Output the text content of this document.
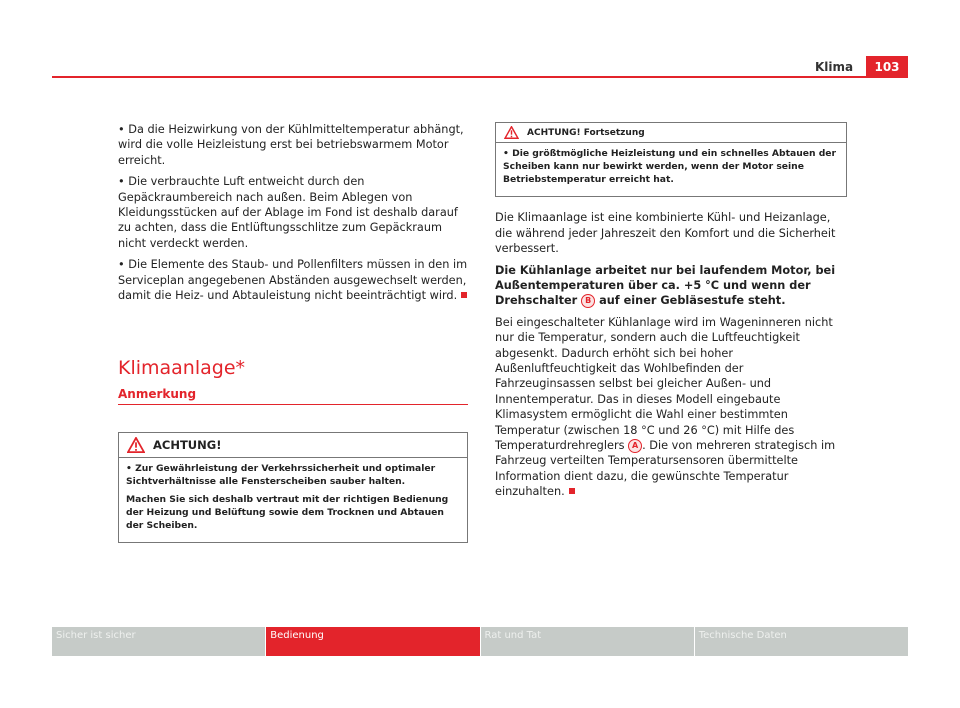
Klima	103

• Da die Heizwirkung von der Kühlmitteltemperatur abhängt, wird die volle Heizleistung erst bei betriebswarmem Motor erreicht.

• Die verbrauchte Luft entweicht durch den Gepäckraumbereich nach außen. Beim Ablegen von Kleidungsstücken auf der Ablage im Fond ist deshalb darauf zu achten, dass die Entlüftungsschlitze zum Gepäckraum nicht verdeckt werden.

• Die Elemente des Staub- und Pollenfilters müssen in den im Serviceplan angegebenen Abständen ausgewechselt werden, damit die Heiz- und Abtauleistung nicht beeinträchtigt wird.

Klimaanlage*
Anmerkung
ACHTUNG!

• Zur Gewährleistung der Verkehrssicherheit und optimaler Sichtverhältnisse alle Fensterscheiben sauber halten.

Machen Sie sich deshalb vertraut mit der richtigen Bedienung der Heizung und Belüftung sowie dem Trocknen und Abtauen der Scheiben.

ACHTUNG! Fortsetzung

• Die größtmögliche Heizleistung und ein schnelles Abtauen der Scheiben kann nur bewirkt werden, wenn der Motor seine Betriebstemperatur erreicht hat.

Die Klimaanlage ist eine kombinierte Kühl- und Heizanlage, die während jeder Jahreszeit den Komfort und die Sicherheit verbessert.

Die Kühlanlage arbeitet nur bei laufendem Motor, bei Außentemperaturen über ca. +5 °C und wenn der Drehschalter B auf einer Gebläsestufe steht.

Bei eingeschalteter Kühlanlage wird im Wageninneren nicht nur die Temperatur, sondern auch die Luftfeuchtigkeit abgesenkt. Dadurch erhöht sich bei hoher Außenluftfeuchtigkeit das Wohlbefinden der Fahrzeuginsassen selbst bei gleicher Außen- und Innentemperatur. Das in dieses Modell eingebaute Klimasystem ermöglicht die Wahl einer bestimmten Temperatur (zwischen 18 °C und 26 °C) mit Hilfe des Temperaturdrehreglers A . Die von mehreren strategisch im Fahrzeug verteilten Temperatursensoren übermittelte Information dient dazu, die gewünschte Temperatur einzuhalten.

Sicher ist sicher	Bedienung	Rat und Tat	Technische Daten
